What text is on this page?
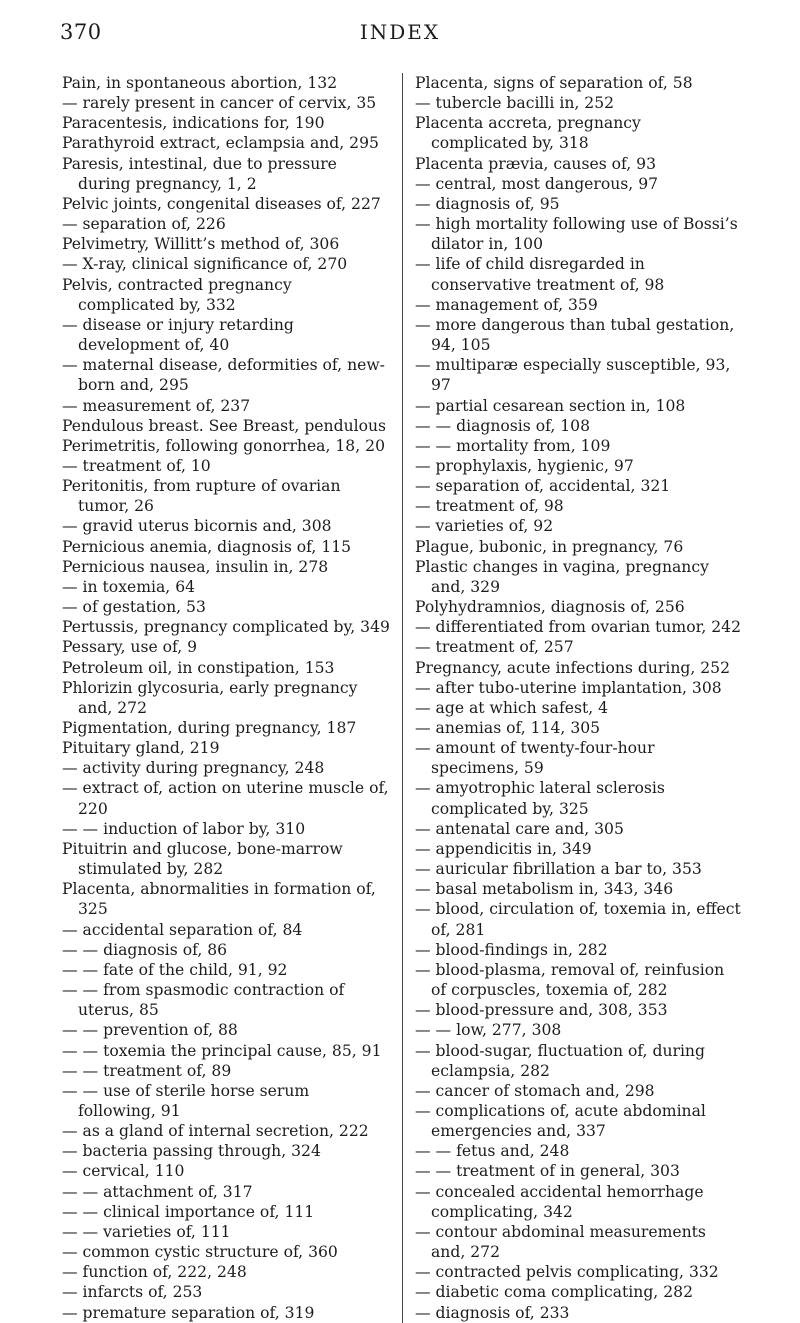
370	INDEX
Pain, in spontaneous abortion, 132
— rarely present in cancer of cervix, 35
Paracentesis, indications for, 190
Parathyroid extract, eclampsia and, 295
Paresis, intestinal, due to pressure during pregnancy, 1, 2
Pelvic joints, congenital diseases of, 227
— separation of, 226
Pelvimetry, Willitt’s method of, 306
— X-ray, clinical significance of, 270
Pelvis, contracted pregnancy complicated by, 332
— disease or injury retarding development of, 40
— maternal disease, deformities of, new-born and, 295
— measurement of, 237
Pendulous breast. See Breast, pendulous
Perimetritis, following gonorrhea, 18, 20
— treatment of, 10
Peritonitis, from rupture of ovarian tumor, 26
— gravid uterus bicornis and, 308
Pernicious anemia, diagnosis of, 115
Pernicious nausea, insulin in, 278
— in toxemia, 64
— of gestation, 53
Pertussis, pregnancy complicated by, 349
Pessary, use of, 9
Petroleum oil, in constipation, 153
Phlorizin glycosuria, early pregnancy and, 272
Pigmentation, during pregnancy, 187
Pituitary gland, 219
— activity during pregnancy, 248
— extract of, action on uterine muscle of, 220
— — induction of labor by, 310
Pituitrin and glucose, bone-marrow stimulated by, 282
Placenta, abnormalities in formation of, 325
— accidental separation of, 84
— — diagnosis of, 86
— — fate of the child, 91, 92
— — from spasmodic contraction of uterus, 85
— — prevention of, 88
— — toxemia the principal cause, 85, 91
— — treatment of, 89
— — use of sterile horse serum following, 91
— as a gland of internal secretion, 222
— bacteria passing through, 324
— cervical, 110
— — attachment of, 317
— — clinical importance of, 111
— — varieties of, 111
— common cystic structure of, 360
— function of, 222, 248
— infarcts of, 253
— premature separation of, 319
Placenta, signs of separation of, 58
— tubercle bacilli in, 252
Placenta accreta, pregnancy complicated by, 318
Placenta prævia, causes of, 93
— central, most dangerous, 97
— diagnosis of, 95
— high mortality following use of Bossi’s dilator in, 100
— life of child disregarded in conservative treatment of, 98
— management of, 359
— more dangerous than tubal gestation, 94, 105
— multiparæ especially susceptible, 93, 97
— partial cesarean section in, 108
— — diagnosis of, 108
— — mortality from, 109
— prophylaxis, hygienic, 97
— separation of, accidental, 321
— treatment of, 98
— varieties of, 92
Plague, bubonic, in pregnancy, 76
Plastic changes in vagina, pregnancy and, 329
Polyhydramnios, diagnosis of, 256
— differentiated from ovarian tumor, 242
— treatment of, 257
Pregnancy, acute infections during, 252
— after tubo-uterine implantation, 308
— age at which safest, 4
— anemias of, 114, 305
— amount of twenty-four-hour specimens, 59
— amyotrophic lateral sclerosis complicated by, 325
— antenatal care and, 305
— appendicitis in, 349
— auricular fibrillation a bar to, 353
— basal metabolism in, 343, 346
— blood, circulation of, toxemia in, effect of, 281
— blood-findings in, 282
— blood-plasma, removal of, reinfusion of corpuscles, toxemia of, 282
— blood-pressure and, 308, 353
— — low, 277, 308
— blood-sugar, fluctuation of, during eclampsia, 282
— cancer of stomach and, 298
— complications of, acute abdominal emergencies and, 337
— — fetus and, 248
— — treatment of in general, 303
— concealed accidental hemorrhage complicating, 342
— contour abdominal measurements and, 272
— contracted pelvis complicating, 332
— diabetic coma complicating, 282
— diagnosis of, 233
